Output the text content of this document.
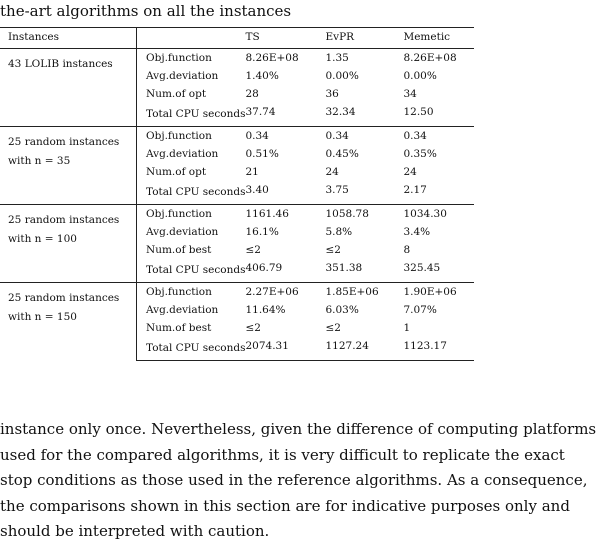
the-art algorithms on all the instances
Instances		TS	EvPR	Memetic

43 LOLIB instances	Obj.function	8.26E+08	1.35	8.26E+08
	Avg.deviation	1.40%	0.00%	0.00%
	Num.of opt	28	36	34
	Total CPU seconds	37.74	32.34	12.50

25 random instances
with n = 35	Obj.function	0.34	0.34	0.34
	Avg.deviation	0.51%	0.45%	0.35%
	Num.of opt	21	24	24
	Total CPU seconds	3.40	3.75	2.17

25 random instances
with n = 100	Obj.function	1161.46	1058.78	1034.30
	Avg.deviation	16.1%	5.8%	3.4%
	Num.of best	≤2	≤2	8
	Total CPU seconds	406.79	351.38	325.45

25 random instances
with n = 150	Obj.function	2.27E+06	1.85E+06	1.90E+06
	Avg.deviation	11.64%	6.03%	7.07%
	Num.of best	≤2	≤2	1
	Total CPU seconds	2074.31	1127.24	1123.17
instance only once. Nevertheless, given the difference of computing platforms
used for the compared algorithms, it is very difficult to replicate the exact
stop conditions as those used in the reference algorithms. As a consequence,
the comparisons shown in this section are for indicative purposes only and
should be interpreted with caution.
